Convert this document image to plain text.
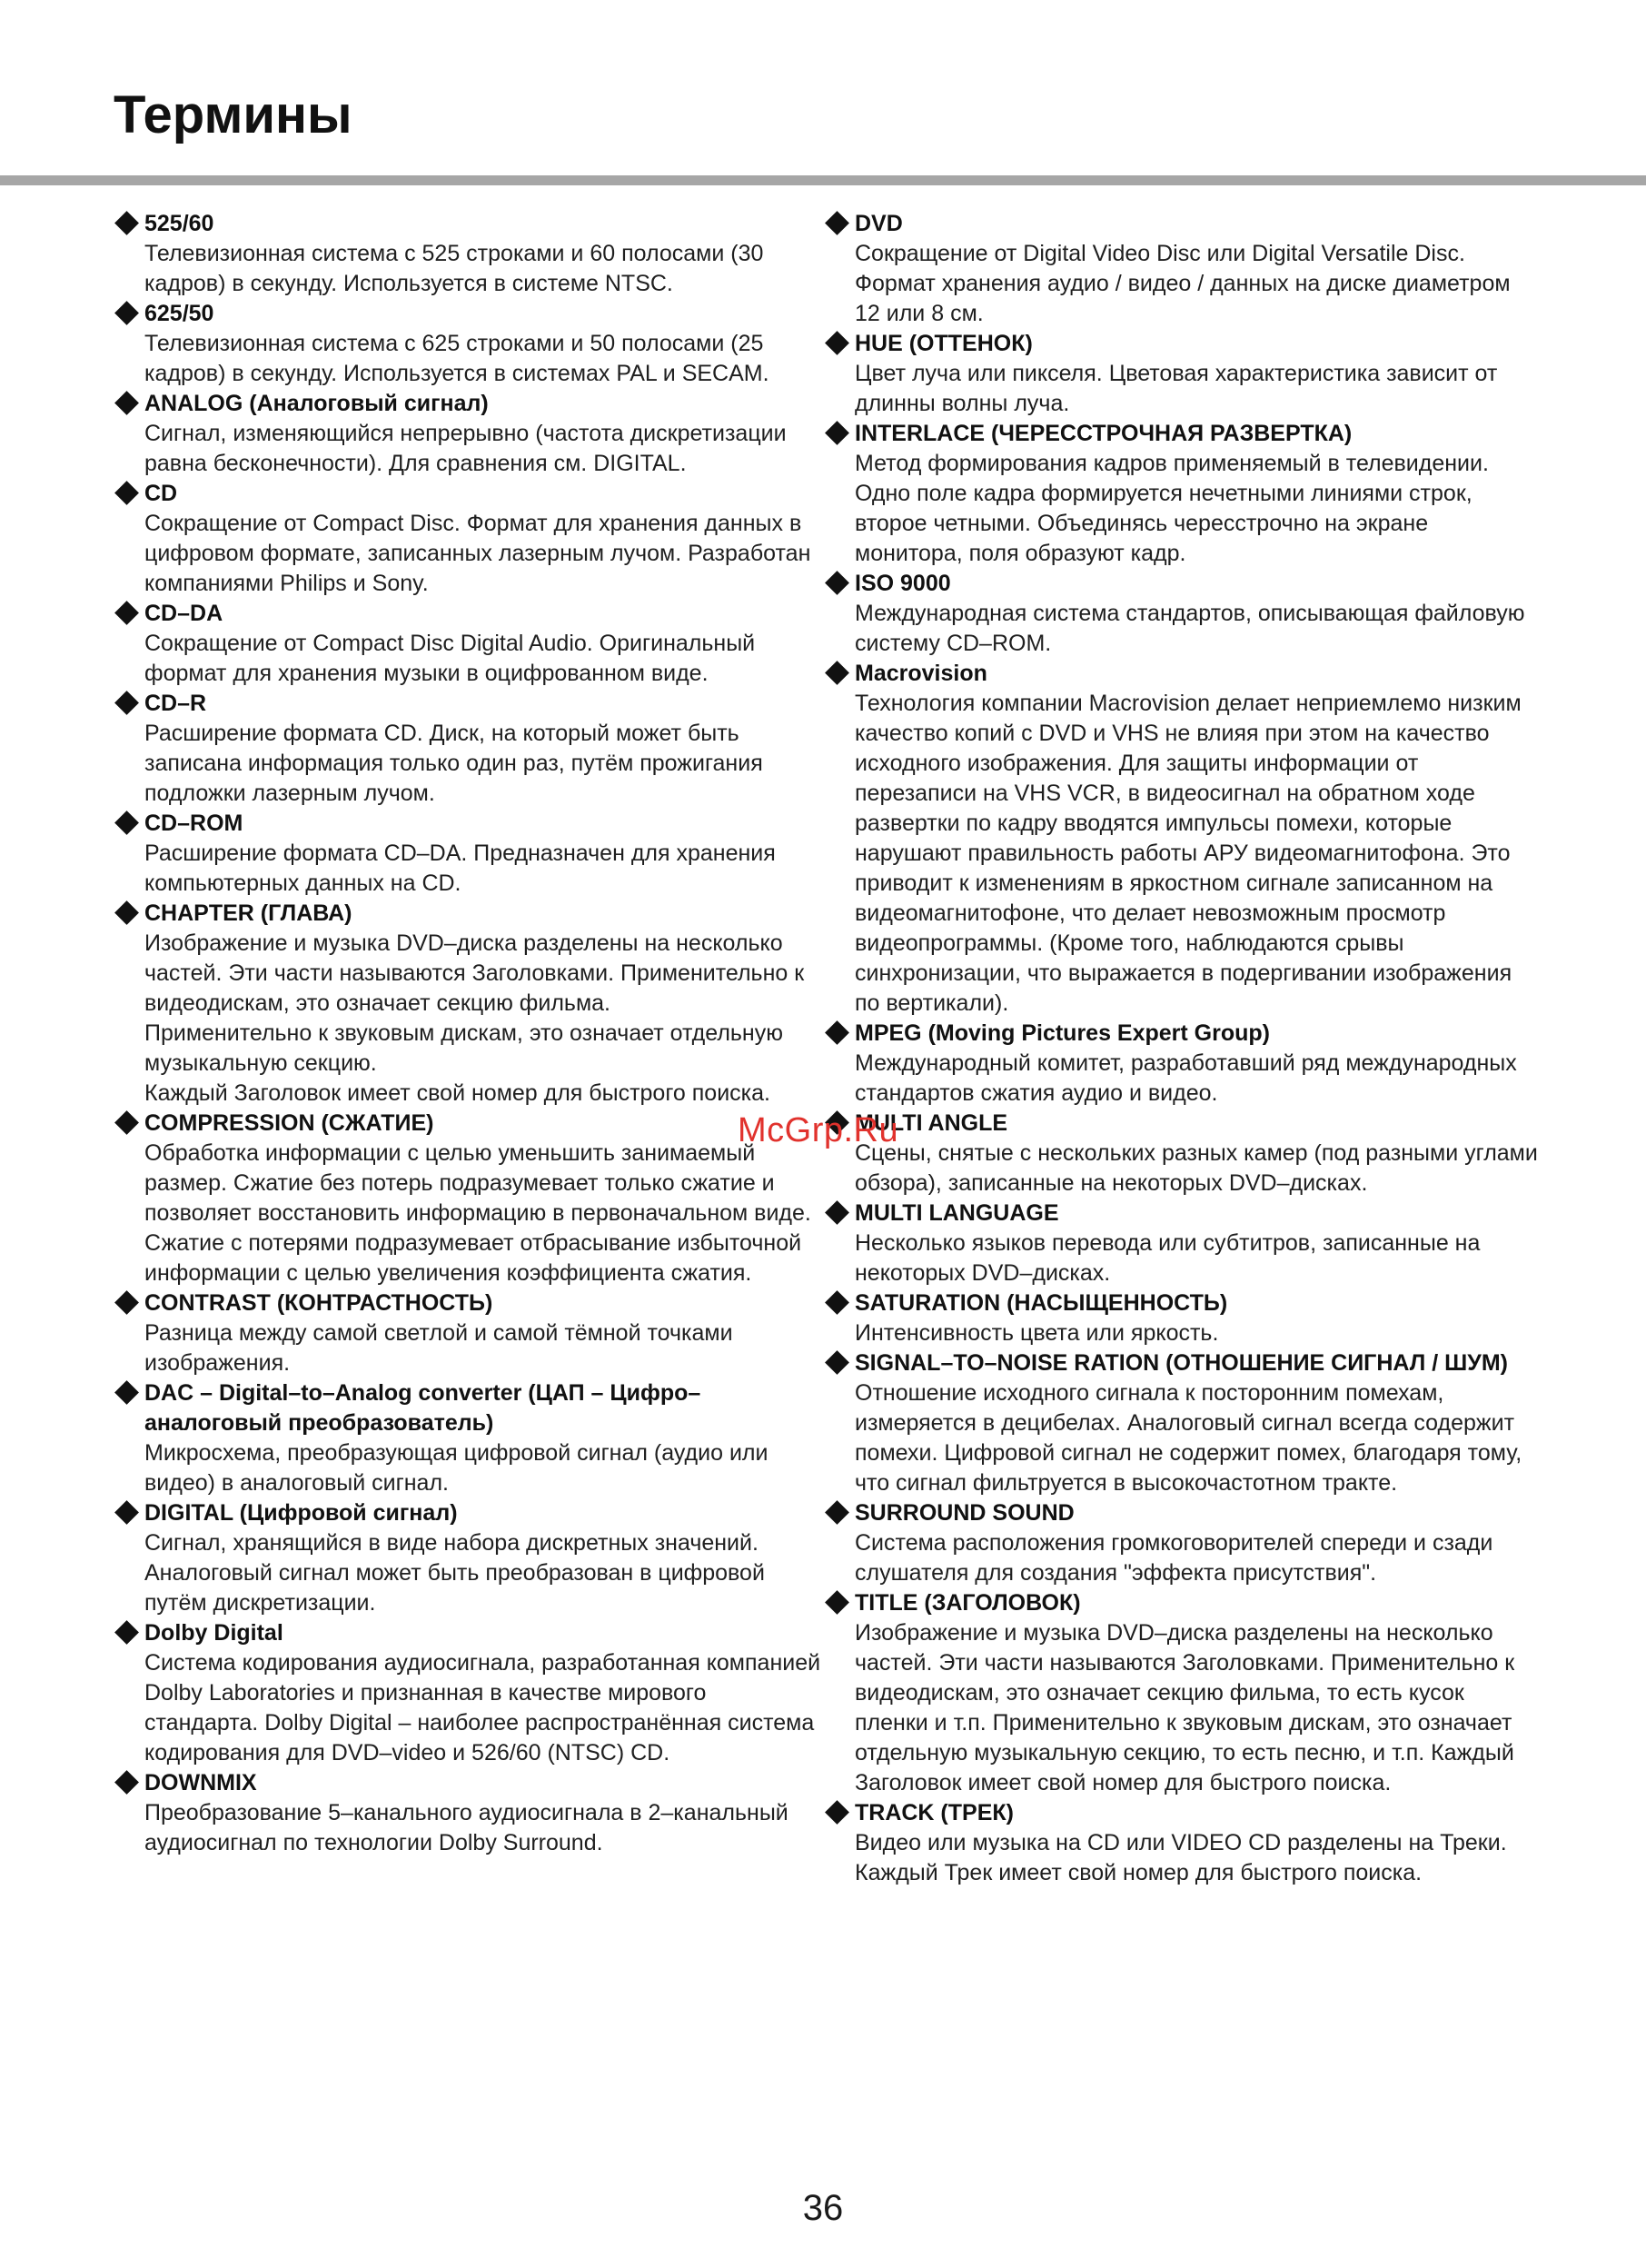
Термины

525/60

Телевизионная система с 525 строками и 60 полосами (30 кадров) в секунду. Используется в системе NTSC.

625/50

Телевизионная система с 625 строками и 50 полосами (25 кадров) в секунду. Используется в системах PAL и SECAM.

ANALOG (Аналоговый сигнал)

Сигнал, изменяющийся непрерывно (частота дискретизации равна бесконечности). Для сравнения см. DIGITAL.

CD

Сокращение от Compact Disc. Формат для хранения данных в цифровом формате, записанных лазерным лучом. Разработан компаниями Philips и Sony.

CD–DA

Сокращение от Compact Disc Digital Audio. Оригинальный формат для хранения музыки в оцифрованном виде.

CD–R

Расширение формата CD. Диск, на который может быть записана информация только один раз, путём прожигания подложки лазерным лучом.

CD–ROM

Расширение формата CD–DA. Предназначен для хранения компьютерных данных на CD.

CHAPTER (ГЛАВА)

Изображение и музыка DVD–диска разделены на несколько частей. Эти части называются Заголовками. Применительно к видеодискам, это означает секцию фильма.

Применительно к звуковым дискам, это означает отдельную музыкальную секцию.

Каждый Заголовок имеет свой номер для быстрого поиска.

COMPRESSION (СЖАТИЕ)

Обработка информации с целью уменьшить занимаемый размер. Сжатие без потерь подразумевает только сжатие и позволяет восстановить информацию в первоначальном виде. Сжатие с потерями подразумевает отбрасывание избыточной информации с целью увеличения коэффициента сжатия.

CONTRAST (КОНТРАСТНОСТЬ)

Разница между самой светлой и самой тёмной точками изображения.

DAC – Digital–to–Analog converter (ЦАП – Цифро–аналоговый преобразователь)

Микросхема, преобразующая цифровой сигнал (аудио или видео) в аналоговый сигнал.

DIGITAL (Цифровой сигнал)

Сигнал, хранящийся в виде набора дискретных значений. Аналоговый сигнал может быть преобразован в цифровой путём дискретизации.

Dolby Digital

Система кодирования аудиосигнала, разработанная компанией Dolby Laboratories и признанная в качестве мирового стандарта. Dolby Digital – наиболее распространённая система кодирования для DVD–video и 526/60 (NTSC) CD.

DOWNMIX

Преобразование 5–канального аудиосигнала в 2–канальный аудиосигнал по технологии Dolby Surround.

DVD

Сокращение от Digital Video Disc или Digital Versatile Disc. Формат хранения аудио / видео / данных на диске диаметром 12 или 8 см.

HUE (ОТТЕНОК)

Цвет луча или пикселя. Цветовая характеристика зависит от длинны волны луча.

INTERLACE (ЧЕРЕССТРОЧНАЯ РАЗВЕРТКА)

Метод формирования кадров применяемый в телевидении. Одно поле кадра формируется нечетными линиями строк, второе четными. Объединясь чересстрочно на экране монитора, поля образуют кадр.

ISO 9000

Международная система стандартов, описывающая файловую систему CD–ROM.

Macrovision

Технология компании Macrovision делает неприемлемо низким качество копий с DVD и VHS не влияя при этом на качество исходного изображения. Для защиты информации от перезаписи на VHS VCR, в видеосигнал на обратном ходе развертки по кадру вводятся импульсы помехи, которые нарушают правильность работы АРУ видеомагнитофона. Это приводит к изменениям в яркостном сигнале записанном на видеомагнитофоне, что делает невозможным просмотр видеопрограммы. (Кроме того, наблюдаются срывы синхронизации, что выражается в подергивании изображения по вертикали).

MPEG (Moving Pictures Expert Group)

Международный комитет, разработавший ряд международных стандартов сжатия аудио и видео.

MULTI ANGLE

Сцены, снятые с нескольких разных камер (под разными углами обзора), записанные на некоторых DVD–дисках.

MULTI LANGUAGE

Несколько языков перевода или субтитров, записанные на некоторых DVD–дисках.

SATURATION (НАСЫЩЕННОСТЬ)

Интенсивность цвета или яркость.

SIGNAL–TO–NOISE RATION (ОТНОШЕНИЕ СИГНАЛ / ШУМ)

Отношение исходного сигнала к посторонним помехам, измеряется в децибелах. Аналоговый сигнал всегда содержит помехи. Цифровой сигнал не содержит помех, благодаря тому, что сигнал фильтруется в высокочастотном тракте.

SURROUND SOUND

Система расположения громкоговорителей спереди и сзади слушателя для создания "эффекта присутствия".

TITLE (ЗАГОЛОВОК)

Изображение и музыка DVD–диска разделены на несколько частей. Эти части называются Заголовками. Применительно к видеодискам, это означает секцию фильма, то есть кусок пленки и т.п. Применительно к звуковым дискам, это означает отдельную музыкальную секцию, то есть песню, и т.п. Каждый Заголовок имеет свой номер для быстрого поиска.

TRACK (ТРЕК)

Видео или музыка на CD или VIDEO CD разделены на Треки. Каждый Трек имеет свой номер для быстрого поиска.

McGrp.Ru
36
